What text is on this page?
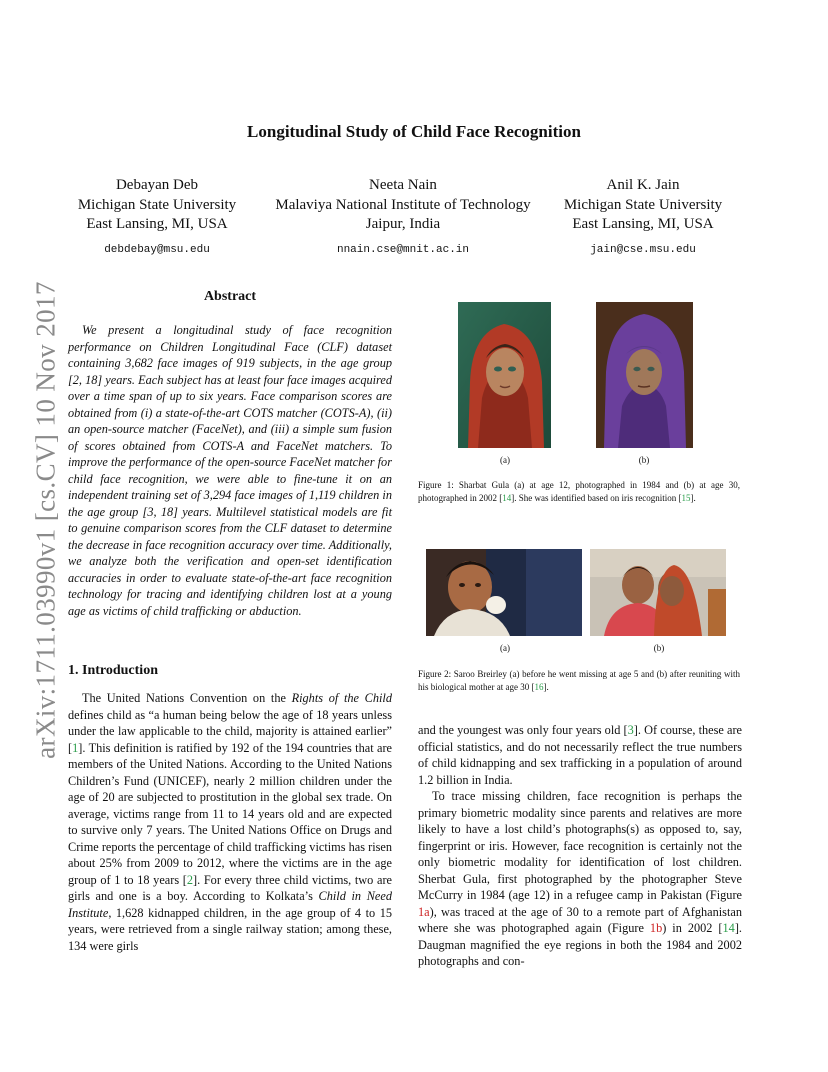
Longitudinal Study of Child Face Recognition
Debayan Deb
Michigan State University
East Lansing, MI, USA
debdebay@msu.edu
Neeta Nain
Malaviya National Institute of Technology
Jaipur, India
nnain.cse@mnit.ac.in
Anil K. Jain
Michigan State University
East Lansing, MI, USA
jain@cse.msu.edu
arXiv:1711.03990v1 [cs.CV] 10 Nov 2017	Abstract

We present a longitudinal study of face recognition performance on Children Longitudinal Face (CLF) dataset containing 3,682 face images of 919 subjects, in the age group [2, 18] years. Each subject has at least four face images acquired over a time span of up to six years. Face comparison scores are obtained from (i) a state-of-the-art COTS matcher (COTS-A), (ii) an open-source matcher (FaceNet), and (iii) a simple sum fusion of scores obtained from COTS-A and FaceNet matchers. To improve the performance of the open-source FaceNet matcher for child face recognition, we were able to fine-tune it on an independent training set of 3,294 face images of 1,119 children in the age group [3, 18] years. Multilevel statistical models are fit to genuine comparison scores from the CLF dataset to determine the decrease in face recognition accuracy over time. Additionally, we analyze both the verification and open-set identification accuracies in order to evaluate state-of-the-art face recognition technology for tracing and identifying children lost at a young age as victims of child trafficking or abduction.

1. Introduction

The United Nations Convention on the Rights of the Child defines child as “a human being below the age of 18 years unless under the law applicable to the child, majority is attained earlier” [1]. This definition is ratified by 192 of the 194 countries that are members of the United Nations. According to the United Nations Children’s Fund (UNICEF), nearly 2 million children under the age of 20 are subjected to prostitution in the global sex trade. On average, victims range from 11 to 14 years old and are expected to survive only 7 years. The United Nations Office on Drugs and Crime reports the percentage of child trafficking victims has risen about 25% from 2009 to 2012, where the victims are in the age group of 1 to 18 years [2]. For every three child victims, two are girls and one is a boy. According to Kolkata’s Child in Need Institute, 1,628 kidnapped children, in the age group of 4 to 15 years, were retrieved from a single railway station; among these, 134 were girls

and the youngest was only four years old [3]. Of course, these are official statistics, and do not necessarily reflect the true numbers of child kidnapping and sex trafficking in a population of around 1.2 billion in India.

To trace missing children, face recognition is perhaps the primary biometric modality since parents and relatives are more likely to have a lost child’s photographs(s) as opposed to, say, fingerprint or iris. However, face recognition is certainly not the only biometric modality for identification of lost children. Sherbat Gula, first photographed by the photographer Steve McCurry in 1984 (age 12) in a refugee camp in Pakistan (Figure 1a), was traced at the age of 30 to a remote part of Afghanistan where she was photographed again (Figure 1b) in 2002 [14]. Daugman magnified the eye regions in both the 1984 and 2002 photographs and con-

(a)	(b)
Figure 1: Sharbat Gula (a) at age 12, photographed in 1984 and (b) at age 30, photographed in 2002 [14]. She was identified based on iris recognition [15].
(a)	(b)
Figure 2: Saroo Breirley (a) before he went missing at age 5 and (b) after reuniting with his biological mother at age 30 [16].
